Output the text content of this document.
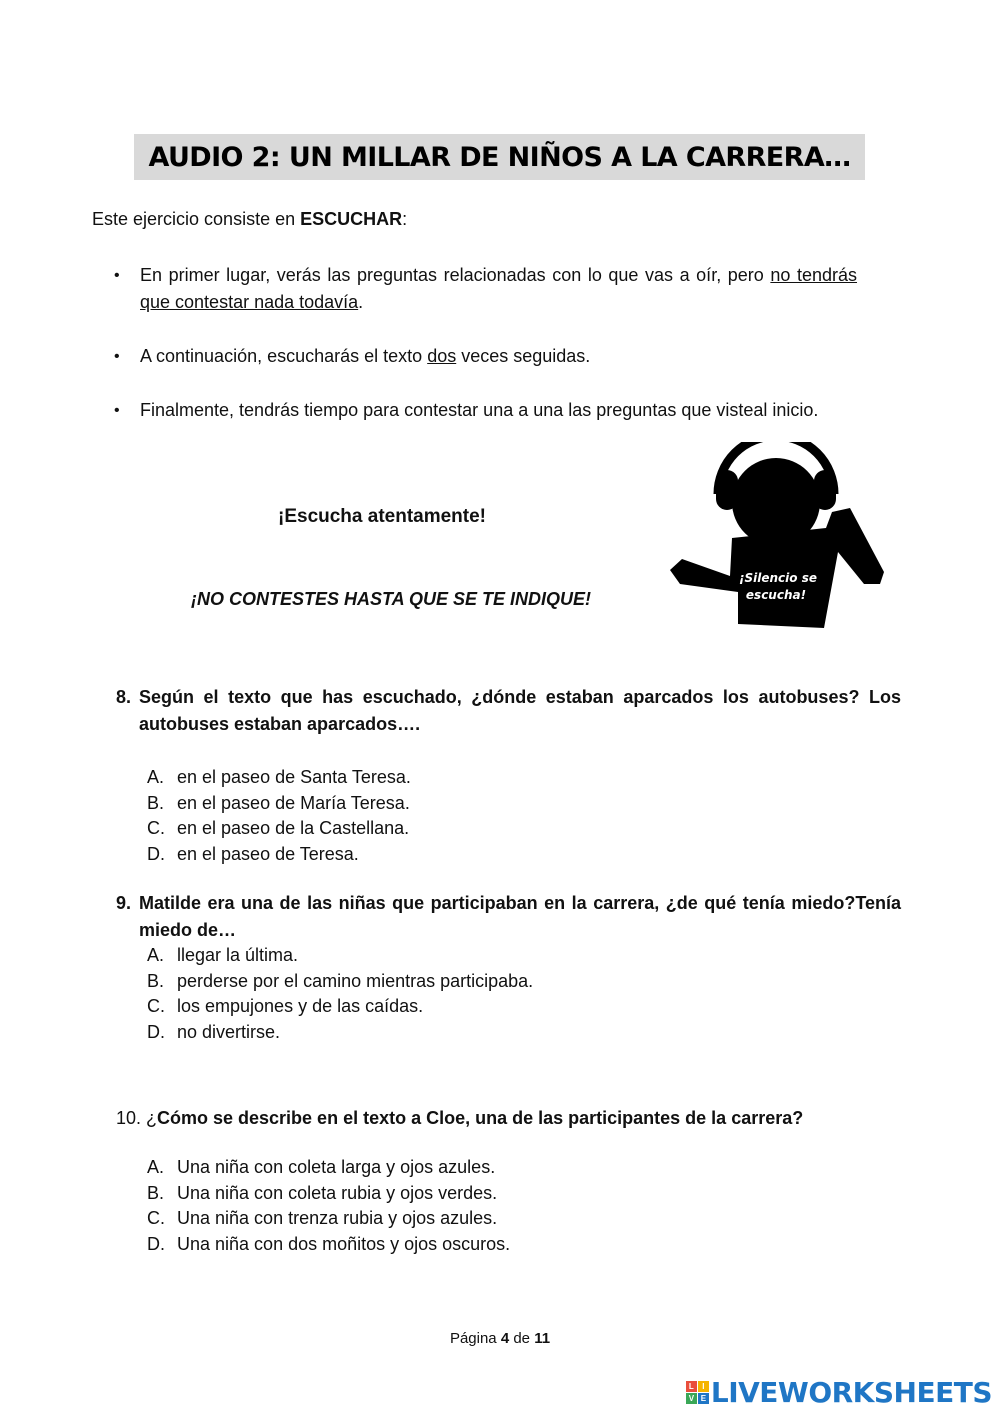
AUDIO 2: UN MILLAR DE NIÑOS A LA CARRERA…
Este ejercicio consiste en ESCUCHAR:
• En primer lugar, verás las preguntas relacionadas con lo que vas a oír, pero no tendrás que contestar nada todavía.
• A continuación, escucharás el texto dos veces seguidas.
• Finalmente, tendrás tiempo para contestar una a una las preguntas que visteal inicio.
¡Escucha atentamente!
¡NO CONTESTES HASTA QUE SE TE INDIQUE!
¡Silencio se
escucha!
8. Según el texto que has escuchado, ¿dónde estaban aparcados los autobuses? Los autobuses estaban aparcados….
A. en el paseo de Santa Teresa.
B. en el paseo de María Teresa.
C. en el paseo de la Castellana.
D. en el paseo de Teresa.
9. Matilde era una de las niñas que participaban en la carrera, ¿de qué tenía miedo?Tenía miedo de…
A. llegar la última.
B. perderse por el camino mientras participaba.
C. los empujones y de las caídas.
D. no divertirse.
10. ¿Cómo se describe en el texto a Cloe, una de las participantes de la carrera?
A. Una niña con coleta larga y ojos azules.
B. Una niña con coleta rubia y ojos verdes.
C. Una niña con trenza rubia y ojos azules.
D. Una niña con dos moñitos y ojos oscuros.
Página 4 de 11
L	I
V E LIVEWORKSHEETS
